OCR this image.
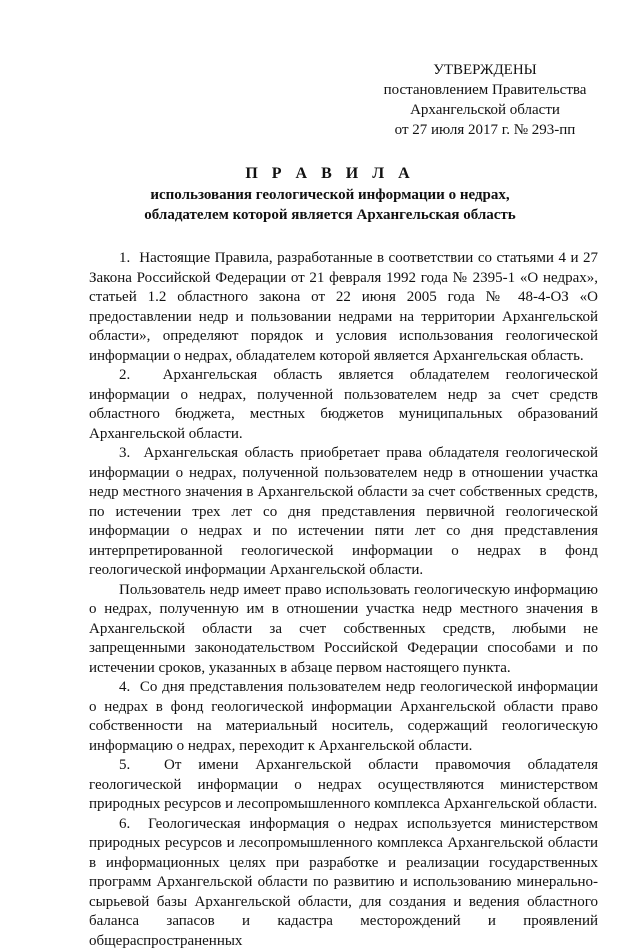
УТВЕРЖДЕНЫ
постановлением Правительства
Архангельской области
от 27 июля 2017 г. № 293-пп
П Р А В И Л А
использования геологической информации о недрах,
обладателем которой является Архангельская область

1.  Настоящие Правила, разработанные в соответствии со статьями 4 и 27 Закона Российской Федерации от 21 февраля 1992 года № 2395-1 «О недрах», статьей 1.2 областного закона от 22 июня 2005 года № 48-4-ОЗ «О предоставлении недр и пользовании недрами на территории Архангельской области», определяют порядок и условия использования геологической информации о недрах, обладателем которой является Архангельская область.

2.  Архангельская область является обладателем геологической информации о недрах, полученной пользователем недр за счет средств областного бюджета, местных бюджетов муниципальных образований Архангельской области.

3.  Архангельская область приобретает права обладателя геологической информации о недрах, полученной пользователем недр в отношении участка недр местного значения в Архангельской области за счет собственных средств, по истечении трех лет со дня представления первичной геологической информации о недрах и по истечении пяти лет со дня представления интерпретированной геологической информации о недрах в фонд геологической информации Архангельской области.

Пользователь недр имеет право использовать геологическую информацию о недрах, полученную им в отношении участка недр местного значения в Архангельской области за счет собственных средств, любыми не запрещенными законодательством Российской Федерации способами и по истечении сроков, указанных в абзаце первом настоящего пункта.

4.  Со дня представления пользователем недр геологической информации о недрах в фонд геологической информации Архангельской области право собственности на материальный носитель, содержащий геологическую информацию о недрах, переходит к Архангельской области.

5.  От имени Архангельской области правомочия обладателя геологической информации о недрах осуществляются министерством природных ресурсов и лесопромышленного комплекса Архангельской области.

6.  Геологическая информация о недрах используется министерством природных ресурсов и лесопромышленного комплекса Архангельской области в информационных целях при разработке и реализации государственных программ Архангельской области по развитию и использованию минерально-сырьевой базы Архангельской области, для создания и ведения областного баланса запасов и кадастра месторождений и проявлений общераспространенных
